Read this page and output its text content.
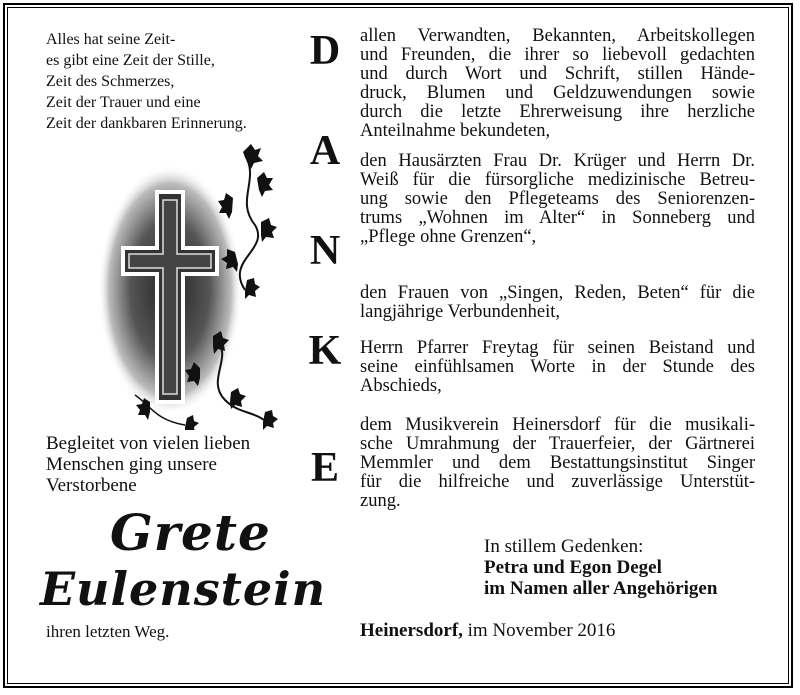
Alles hat seine Zeit-
es gibt eine Zeit der Stille,
Zeit des Schmerzes,
Zeit der Trauer und eine
Zeit der dankbaren Erinnerung.
Begleitet von vielen lieben
Menschen ging unsere
Verstorbene
Grete
Eulenstein
ihren letzten Weg.
D
A
N
K
E
allen Verwandten, Bekannten, Arbeitskollegen
und Freunden, die ihrer so liebevoll gedachten
und durch Wort und Schrift, stillen Hände-
druck, Blumen und Geldzuwendungen sowie
durch die letzte Ehrerweisung ihre herzliche
Anteilnahme bekundeten,
den Hausärzten Frau Dr. Krüger und Herrn Dr.
Weiß für die fürsorgliche medizinische Betreu-
ung sowie den Pflegeteams des Seniorenzen-
trums „Wohnen im Alter“ in Sonneberg und
„Pflege ohne Grenzen“,
den Frauen von „Singen, Reden, Beten“ für die
langjährige Verbundenheit,
Herrn Pfarrer Freytag für seinen Beistand und
seine einfühlsamen Worte in der Stunde des
Abschieds,
dem Musikverein Heinersdorf für die musikali-
sche Umrahmung der Trauerfeier, der Gärtnerei
Memmler und dem Bestattungsinstitut Singer
für die hilfreiche und zuverlässige Unterstüt-
zung.
In stillem Gedenken:
Petra und Egon Degel
im Namen aller Angehörigen
Heinersdorf, im November 2016
